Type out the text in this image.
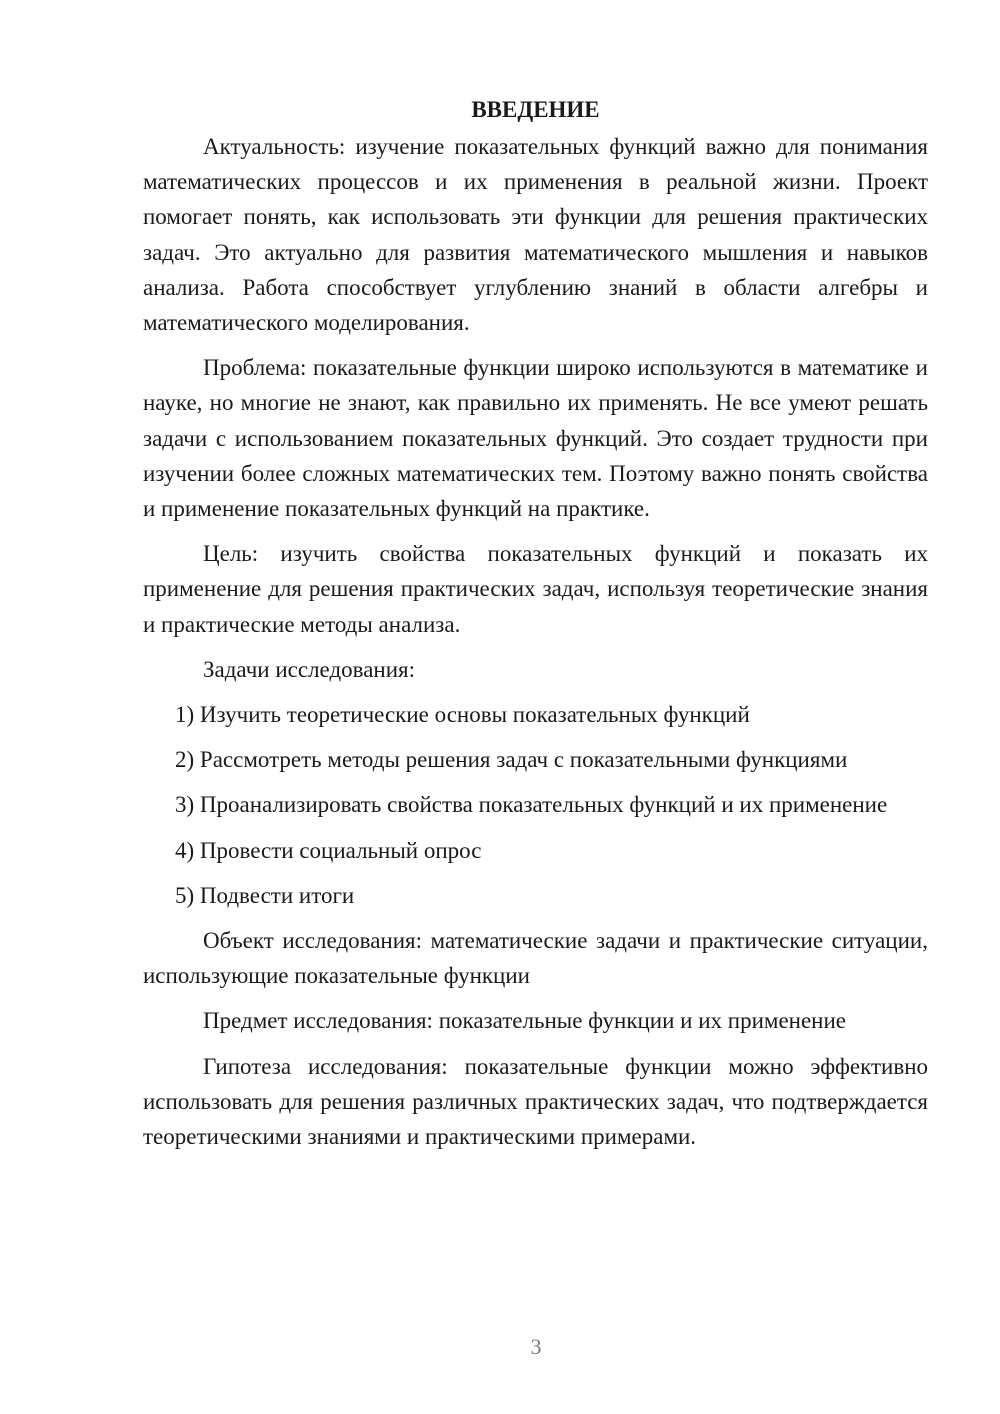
ВВЕДЕНИЕ

Актуальность: изучение показательных функций важно для понимания математических процессов и их применения в реальной жизни. Проект помогает понять, как использовать эти функции для решения практических задач. Это актуально для развития математического мышления и навыков анализа. Работа способствует углублению знаний в области алгебры и математического моделирования.

Проблема: показательные функции широко используются в математике и науке, но многие не знают, как правильно их применять. Не все умеют решать задачи с использованием показательных функций. Это создает трудности при изучении более сложных математических тем. Поэтому важно понять свойства и применение показательных функций на практике.

Цель: изучить свойства показательных функций и показать их применение для решения практических задач, используя теоретические знания и практические методы анализа.

Задачи исследования:

1) Изучить теоретические основы показательных функций

2) Рассмотреть методы решения задач с показательными функциями

3) Проанализировать свойства показательных функций и их применение

4) Провести социальный опрос

5) Подвести итоги

Объект исследования: математические задачи и практические ситуации, использующие показательные функции

Предмет исследования: показательные функции и их применение

Гипотеза исследования: показательные функции можно эффективно использовать для решения различных практических задач, что подтверждается теоретическими знаниями и практическими примерами.

3
